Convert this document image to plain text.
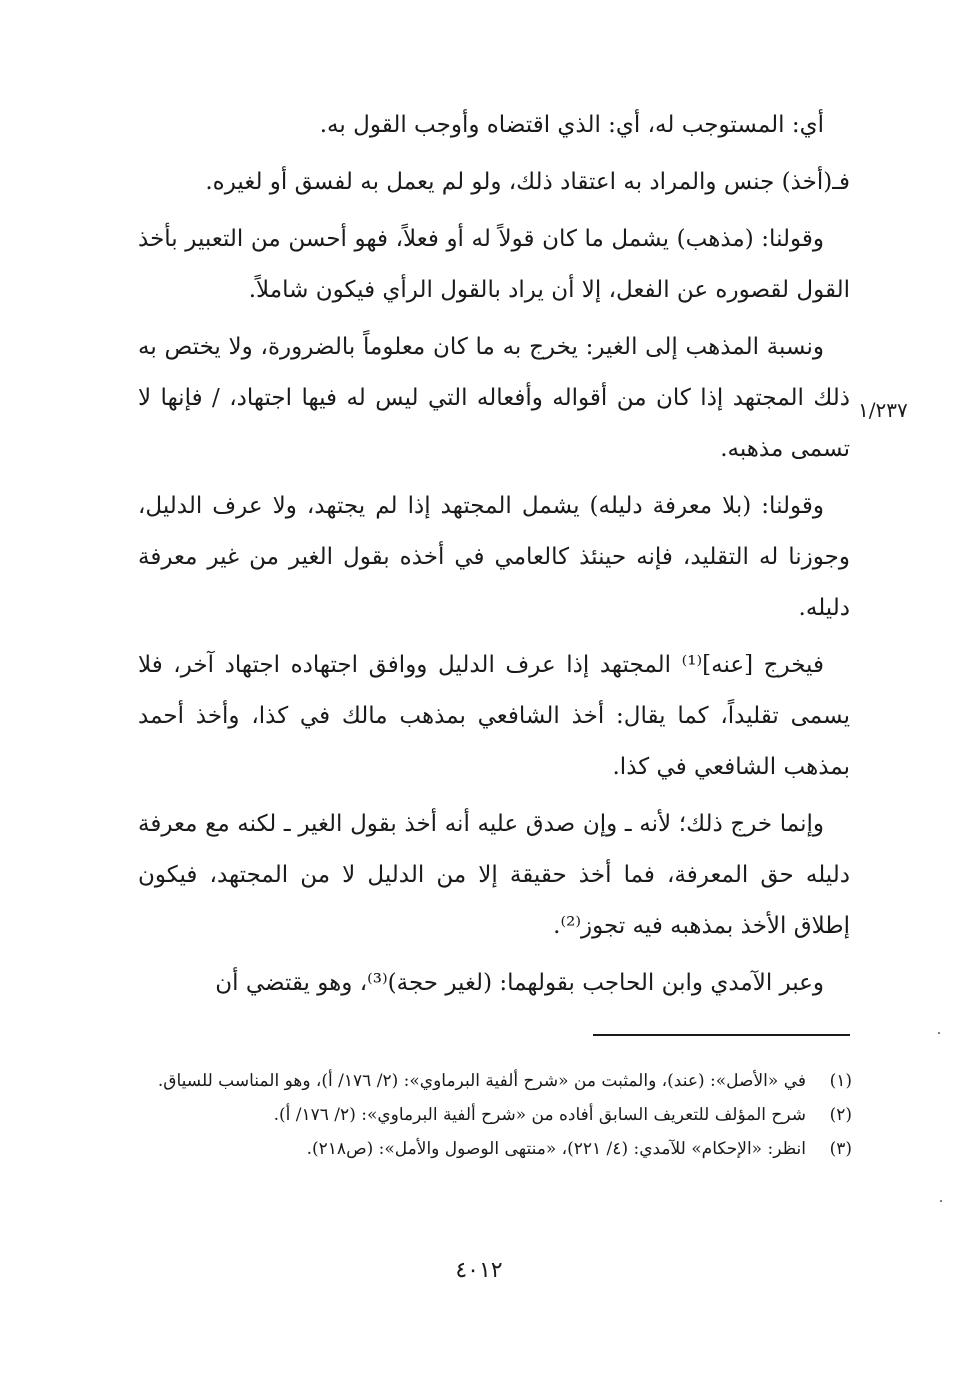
أي: المستوجب له، أي: الذي اقتضاه وأوجب القول به.

فـ(أخذ) جنس والمراد به اعتقاد ذلك، ولو لم يعمل به لفسق أو لغيره.

وقولنا: (مذهب) يشمل ما كان قولاً له أو فعلاً، فهو أحسن من التعبير بأخذ القول لقصوره عن الفعل، إلا أن يراد بالقول الرأي فيكون شاملاً.

ونسبة المذهب إلى الغير: يخرج به ما كان معلوماً بالضرورة، ولا يختص به ذلك المجتهد إذا كان من أقواله وأفعاله التي ليس له فيها اجتهاد، / فإنها لا تسمى مذهبه.

وقولنا: (بلا معرفة دليله) يشمل المجتهد إذا لم يجتهد، ولا عرف الدليل، وجوزنا له التقليد، فإنه حينئذ كالعامي في أخذه بقول الغير من غير معرفة دليله.

فيخرج [عنه]⁽¹⁾ المجتهد إذا عرف الدليل ووافق اجتهاده اجتهاد آخر، فلا يسمى تقليداً، كما يقال: أخذ الشافعي بمذهب مالك في كذا، وأخذ أحمد بمذهب الشافعي في كذا.

وإنما خرج ذلك؛ لأنه ـ وإن صدق عليه أنه أخذ بقول الغير ـ لكنه مع معرفة دليله حق المعرفة، فما أخذ حقيقة إلا من الدليل لا من المجتهد، فيكون إطلاق الأخذ بمذهبه فيه تجوز⁽²⁾.

وعبر الآمدي وابن الحاجب بقولهما: (لغير حجة)⁽³⁾، وهو يقتضي أن

١/٢٣٧
(١)
في «الأصل»: (عند)، والمثبت من «شرح ألفية البرماوي»: (٢/ ١٧٦/ أ)، وهو المناسب للسياق.
(٢)
شرح المؤلف للتعريف السابق أفاده من «شرح ألفية البرماوي»: (٢/ ١٧٦/ أ).
(٣)
انظر: «الإحكام» للآمدي: (٤/ ٢٢١)، «منتهى الوصول والأمل»: (ص٢١٨).
٤٠١٢
